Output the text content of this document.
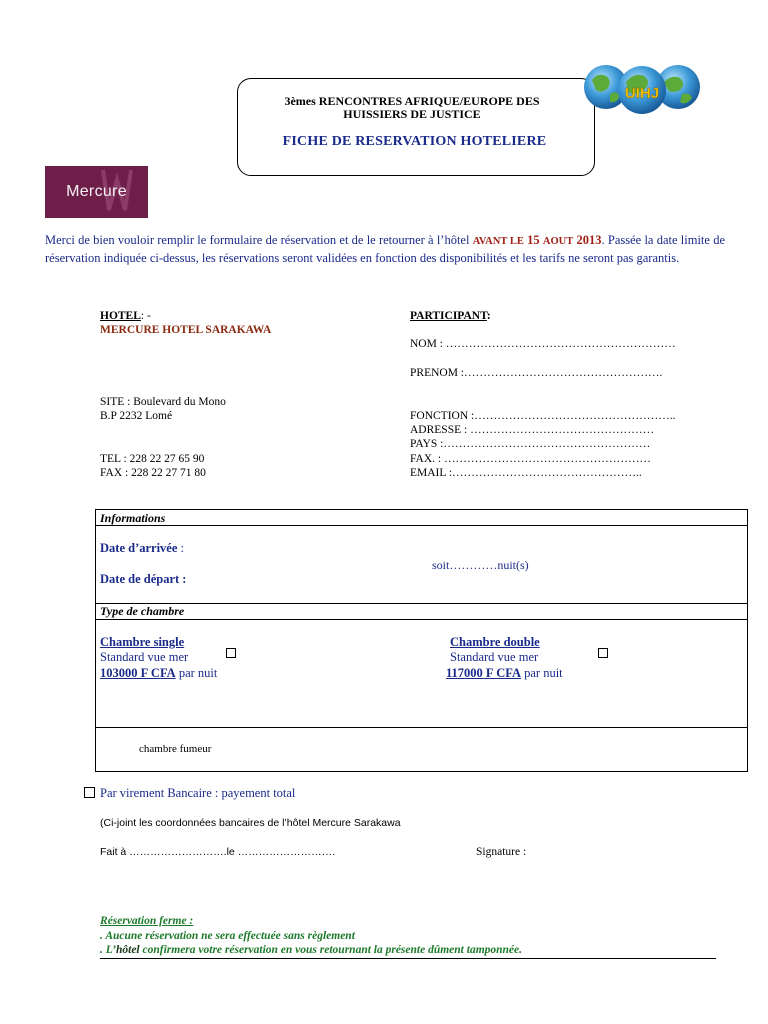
3èmes RENCONTRES AFRIQUE/EUROPE DES
HUISSIERS DE JUSTICE
FICHE DE RESERVATION HOTELIERE
UIHJ
Mercure
Merci de bien vouloir remplir le formulaire de réservation et de le retourner à l’hôtel AVANT LE 15 AOUT 2013. Passée la date limite de réservation indiquée ci-dessus, les réservations seront validées en fonction des disponibilités et les tarifs ne seront pas garantis.
HOTEL: -
MERCURE HOTEL SARAKAWA
SITE : Boulevard du Mono
B.P 2232 Lomé
TEL : 228 22 27 65 90
FAX : 228 22 27 71 80
PARTICIPANT:
NOM : ……………………………………………………
PRENOM :…………………………………………….
FONCTION :……………………………………………..
ADRESSE : …………………………………………
PAYS :………………………………………………
FAX. : ………………………………………………
EMAIL :…………………………………………..
Informations
Date d’arrivée :
Date de départ :
soit…………nuit(s)
Type de chambre
Chambre single
Standard vue mer
103000 F CFA par nuit
Chambre double
Standard vue mer
117000 F CFA par nuit
chambre fumeur
Par virement Bancaire : payement total
(Ci-joint les coordonnées bancaires de l’hôtel Mercure Sarakawa
Fait à ……………………….le ……………………….	Signature :
Réservation ferme :
. Aucune réservation ne sera effectuée sans règlement
. L’hôtel confirmera votre réservation en vous retournant la présente dûment tamponnée.
